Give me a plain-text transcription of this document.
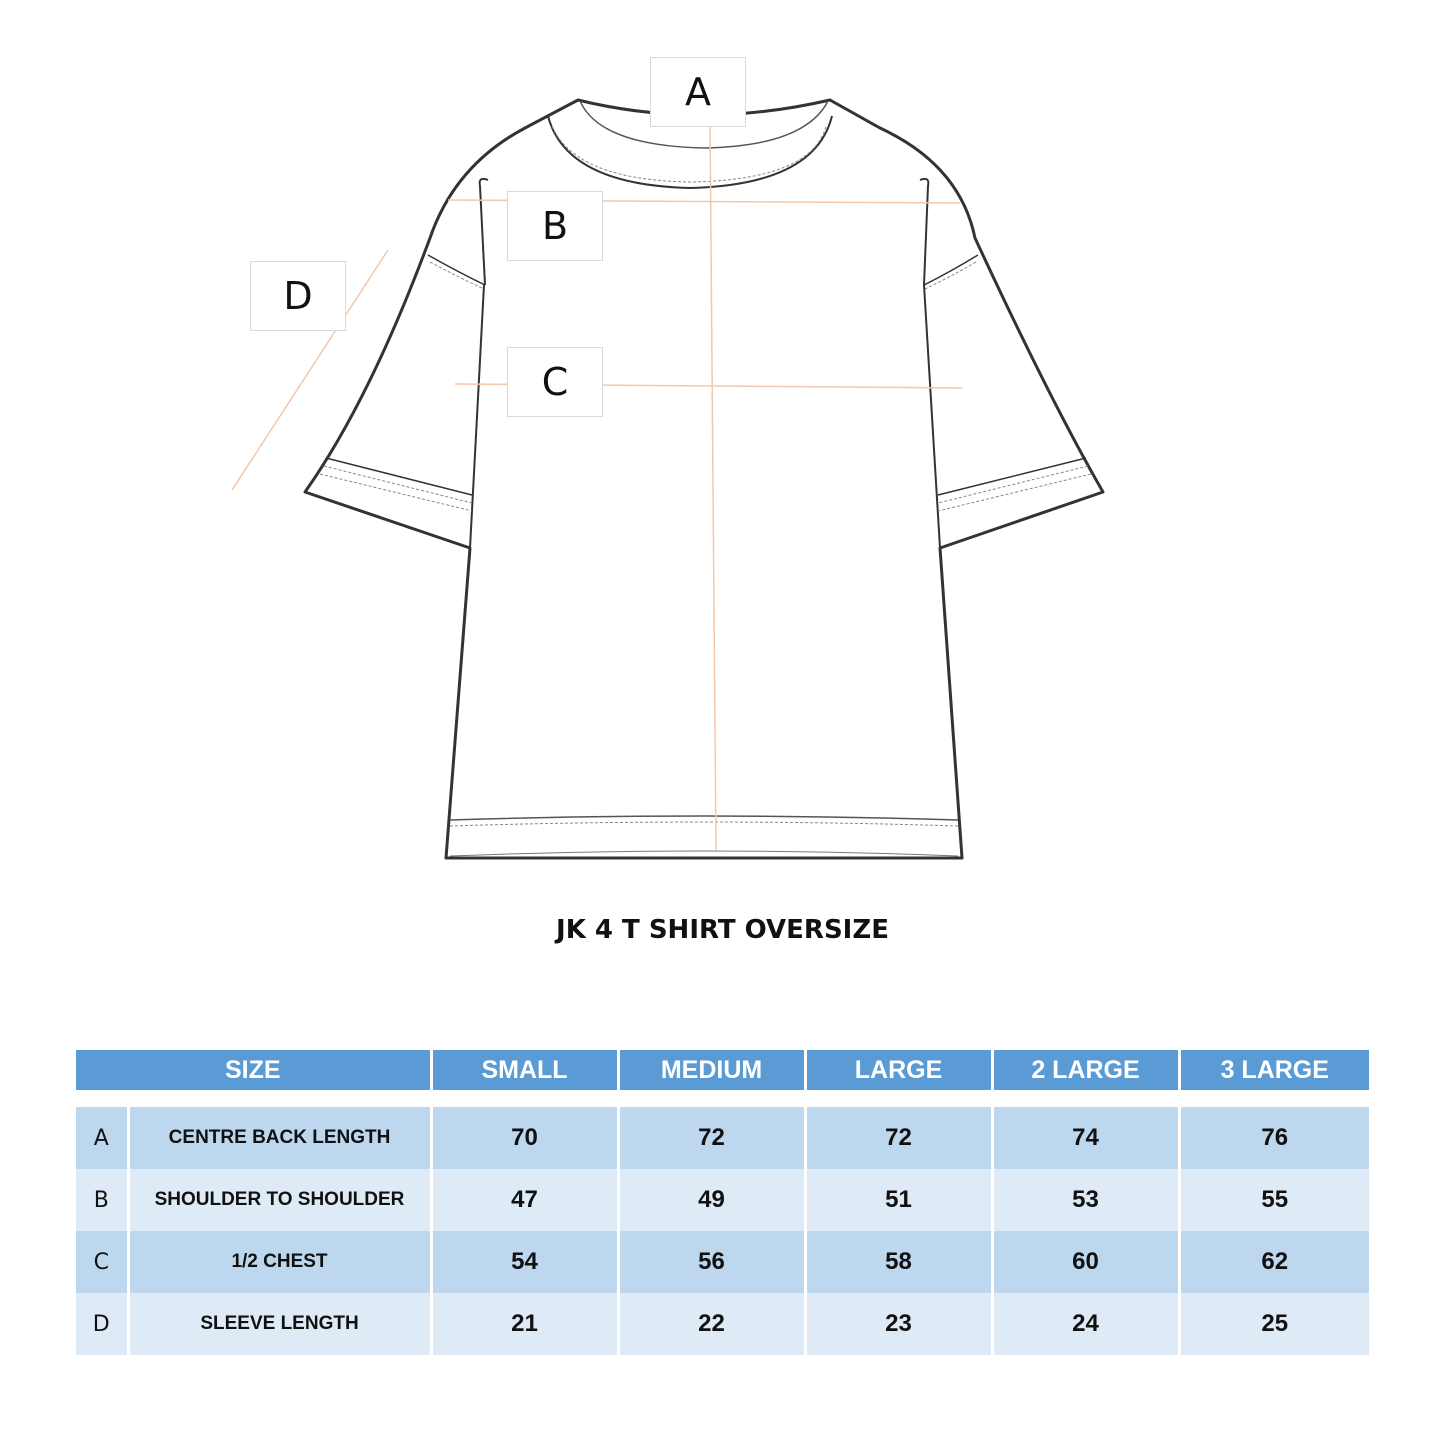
A
B
C
D
JK 4 T SHIRT OVERSIZE
SIZE		SMALL	MEDIUM	LARGE	2 LARGE	3 LARGE

A	CENTRE BACK LENGTH	70	72	72	74	76
B	SHOULDER TO SHOULDER	47	49	51	53	55
C	1/2 CHEST	54	56	58	60	62
D	SLEEVE LENGTH	21	22	23	24	25
